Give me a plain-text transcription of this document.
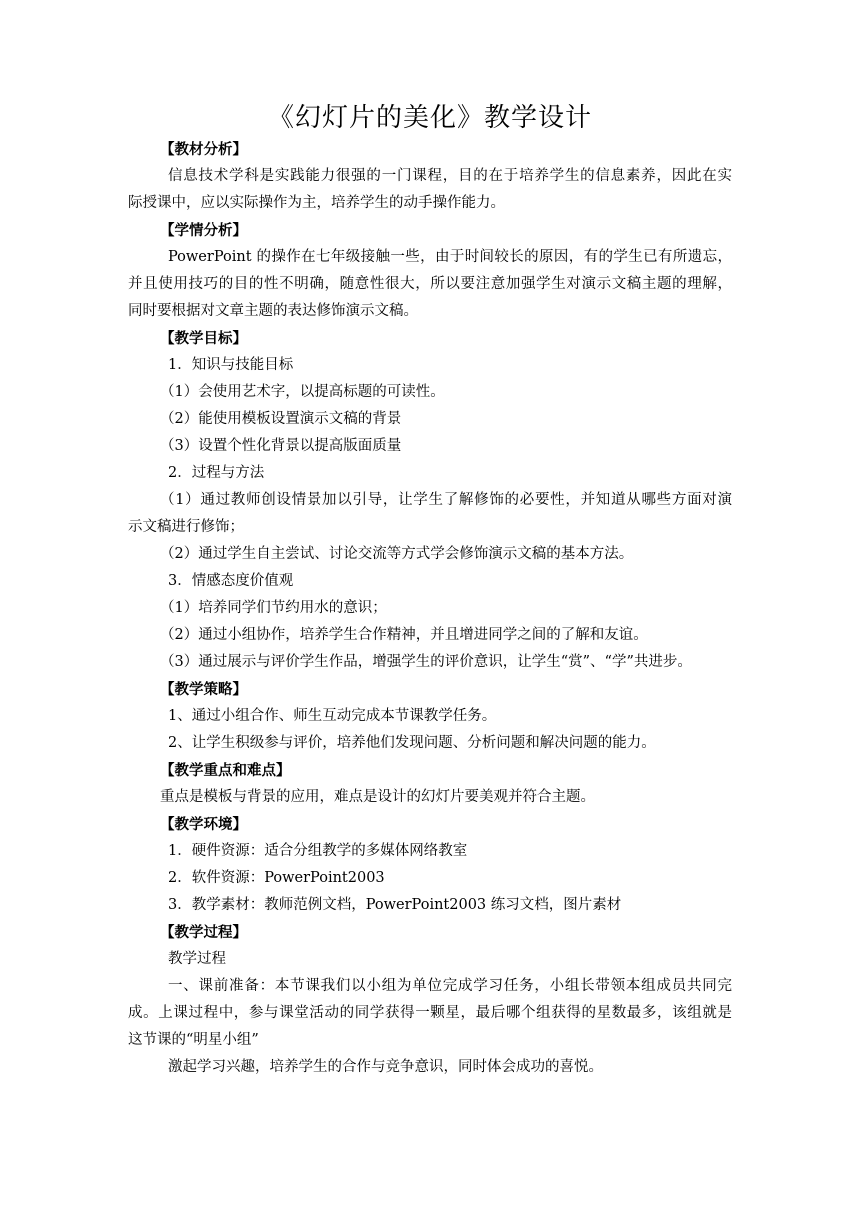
《幻灯片的美化》教学设计
【教材分析】
信息技术学科是实践能力很强的一门课程，目的在于培养学生的信息素养，因此在实
际授课中，应以实际操作为主，培养学生的动手操作能力。
【学情分析】
PowerPoint 的操作在七年级接触一些，由于时间较长的原因，有的学生已有所遗忘，
并且使用技巧的目的性不明确，随意性很大，所以要注意加强学生对演示文稿主题的理解，
同时要根据对文章主题的表达修饰演示文稿。
【教学目标】
1．知识与技能目标
（1）会使用艺术字，以提高标题的可读性。
（2）能使用模板设置演示文稿的背景
（3）设置个性化背景以提高版面质量
2．过程与方法
（1）通过教师创设情景加以引导，让学生了解修饰的必要性，并知道从哪些方面对演
示文稿进行修饰；
（2）通过学生自主尝试、讨论交流等方式学会修饰演示文稿的基本方法。
3．情感态度价值观
（1）培养同学们节约用水的意识；
（2）通过小组协作，培养学生合作精神，并且增进同学之间的了解和友谊。
（3）通过展示与评价学生作品，增强学生的评价意识，让学生“赏”、“学”共进步。
【教学策略】
1、通过小组合作、师生互动完成本节课教学任务。
2、让学生积级参与评价，培养他们发现问题、分析问题和解决问题的能力。
【教学重点和难点】
重点是模板与背景的应用，难点是设计的幻灯片要美观并符合主题。
【教学环境】
1．硬件资源：适合分组教学的多媒体网络教室
2．软件资源：PowerPoint2003
3．教学素材：教师范例文档，PowerPoint2003 练习文档，图片素材
【教学过程】
教学过程
一、课前准备：本节课我们以小组为单位完成学习任务，小组长带领本组成员共同完
成。上课过程中，参与课堂活动的同学获得一颗星，最后哪个组获得的星数最多，该组就是
这节课的“明星小组”
激起学习兴趣，培养学生的合作与竞争意识，同时体会成功的喜悦。
